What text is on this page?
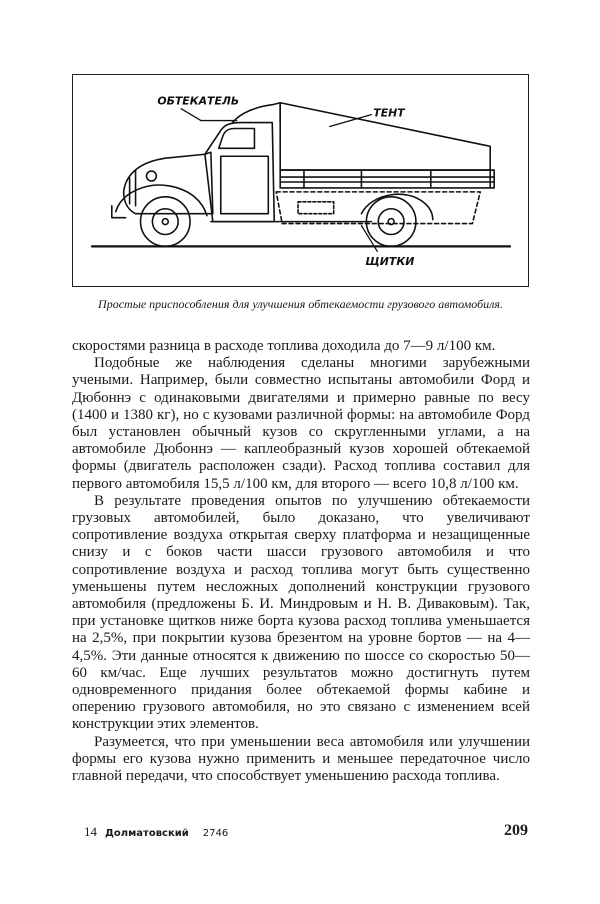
ОБТЕКАТЕЛЬ
ТЕНТ
ЩИТКИ
Простые приспособления для улучшения обтекаемости грузового автомобиля.

скоростями разница в расходе топлива доходила до 7—9 л/100 км.

Подобные же наблюдения сделаны многими зарубежными учеными. Например, были совместно испытаны автомобили Форд и Дюбоннэ с одинаковыми двигателями и примерно равные по весу (1400 и 1380 кг), но с кузовами различной формы: на автомобиле Форд был установлен обычный кузов со скругленными углами, а на автомобиле Дюбоннэ — каплеобразный кузов хорошей обтекаемой формы (двигатель расположен сзади). Расход топлива составил для первого автомобиля 15,5 л/100 км, для второго — всего 10,8 л/100 км.

В результате проведения опытов по улучшению обтекаемости грузовых автомобилей, было доказано, что увеличивают сопротивление воздуха открытая сверху платформа и незащищенные снизу и с боков части шасси грузового автомобиля и что сопротивление воздуха и расход топлива могут быть существенно уменьшены путем несложных дополнений конструкции грузового автомобиля (предложены Б. И. Миндровым и Н. В. Диваковым). Так, при установке щитков ниже борта кузова расход топлива уменьшается на 2,5%, при покрытии кузова брезентом на уровне бортов — на 4—4,5%. Эти данные относятся к движению по шоссе со скоростью 50—60 км/час. Еще лучших результатов можно достигнуть путем одновременного придания более обтекаемой формы кабине и оперению грузового автомобиля, но это связано с изменением всей конструкции этих элементов.

Разумеется, что при уменьшении веса автомобиля или улучшении формы его кузова нужно применить и меньшее передаточное число главной передачи, что способствует уменьшению расхода топлива.

14 Долматовский 2746	209
